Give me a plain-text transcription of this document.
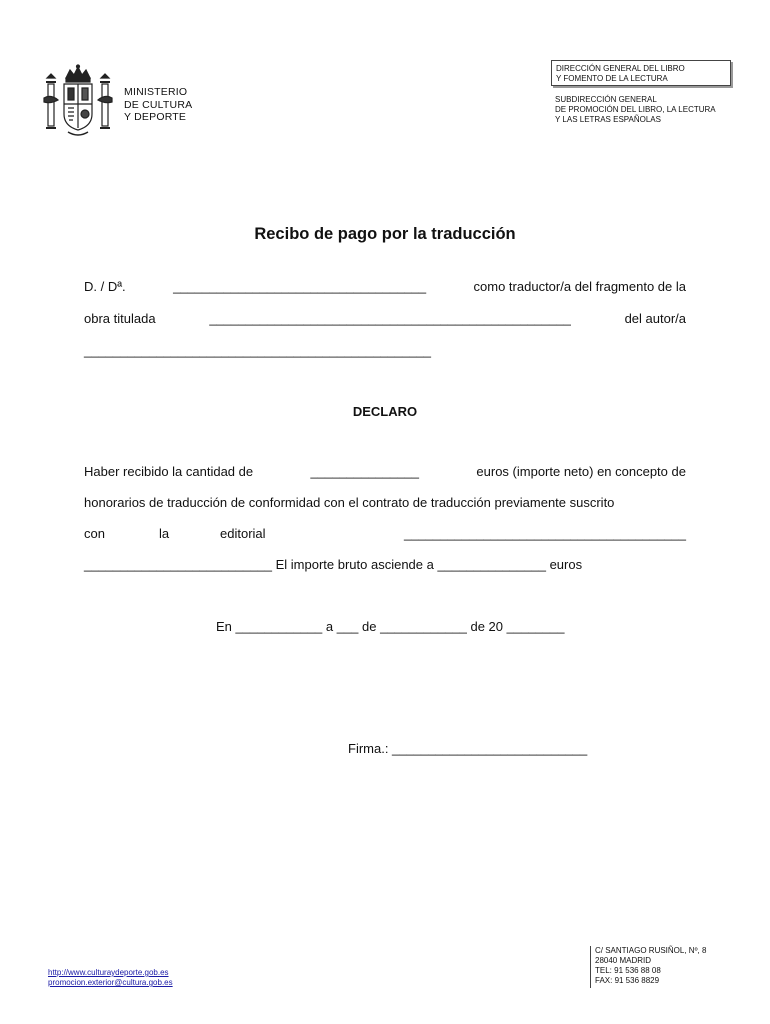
MINISTERIO
DE CULTURA
Y DEPORTE
DIRECCIÓN GENERAL DEL LIBRO
Y FOMENTO DE LA LECTURA
SUBDIRECCIÓN GENERAL
DE PROMOCIÓN DEL LIBRO, LA LECTURA
Y LAS LETRAS ESPAÑOLAS
Recibo de pago por la traducción
D. / Dª.	___________________________________	como traductor/a del fragmento de la
obra titulada	__________________________________________________	del autor/a
________________________________________________
DECLARO
Haber recibido la cantidad de	_______________	euros (importe neto) en concepto de
honorarios de traducción de conformidad con el contrato de traducción previamente suscrito
con	la	editorial	_______________________________________
__________________________ El importe bruto asciende a _______________ euros
En ____________ a ___ de ____________ de 20 ________
Firma.: ___________________________
http://www.culturaydeporte.gob.es
promocion.exterior@cultura.gob.es
C/ SANTIAGO RUSIÑOL, Nº, 8
28040 MADRID
TEL: 91 536 88 08
FAX: 91 536 8829
